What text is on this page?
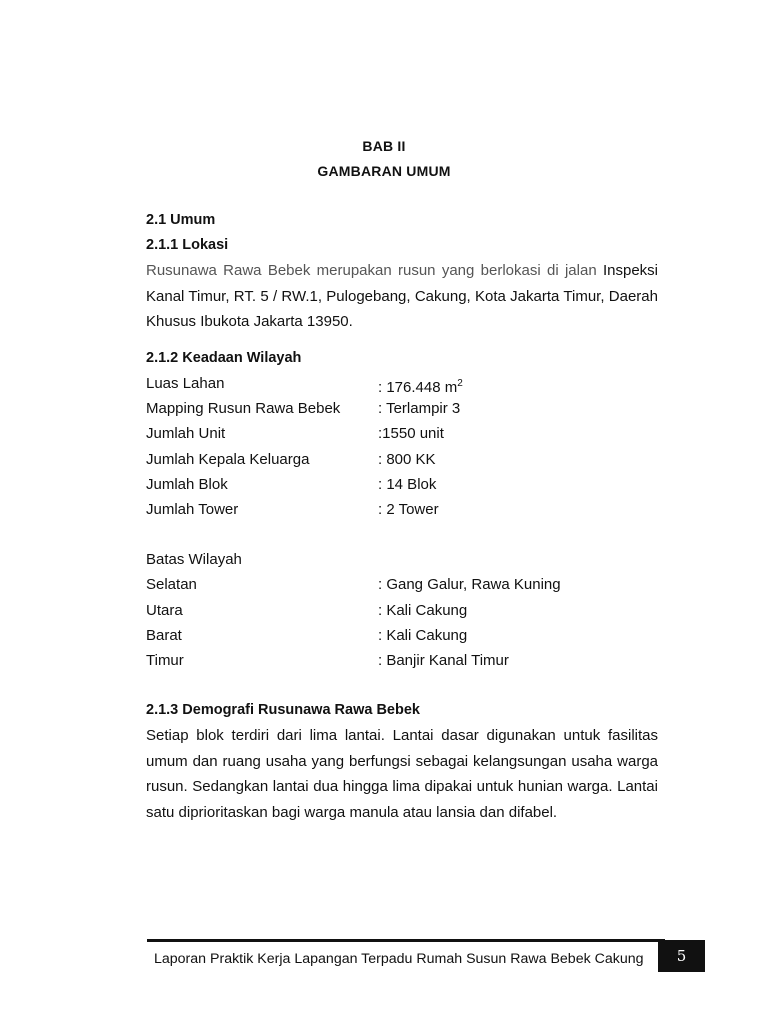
BAB II
GAMBARAN UMUM
2.1 Umum
2.1.1 Lokasi
Rusunawa Rawa Bebek merupakan rusun yang berlokasi di jalan Inspeksi Kanal Timur, RT. 5 / RW.1, Pulogebang, Cakung, Kota Jakarta Timur, Daerah Khusus Ibukota Jakarta 13950.
2.1.2 Keadaan Wilayah
Luas Lahan	: 176.448 $m^2$
Mapping Rusun Rawa Bebek	: Terlampir 3
Jumlah Unit	:1550 unit
Jumlah Kepala Keluarga	: 800 KK
Jumlah Blok	: 14 Blok
Jumlah Tower	: 2 Tower
Batas Wilayah
Selatan	: Gang Galur, Rawa Kuning
Utara	: Kali Cakung
Barat	: Kali Cakung
Timur	: Banjir Kanal Timur
2.1.3 Demografi Rusunawa Rawa Bebek
Setiap blok terdiri dari lima lantai. Lantai dasar digunakan untuk fasilitas umum dan ruang usaha yang berfungsi sebagai kelangsungan usaha warga rusun. Sedangkan lantai dua hingga lima dipakai untuk hunian warga. Lantai satu diprioritaskan bagi warga manula atau lansia dan difabel.
Laporan Praktik Kerja Lapangan Terpadu Rumah Susun Rawa Bebek Cakung	5
